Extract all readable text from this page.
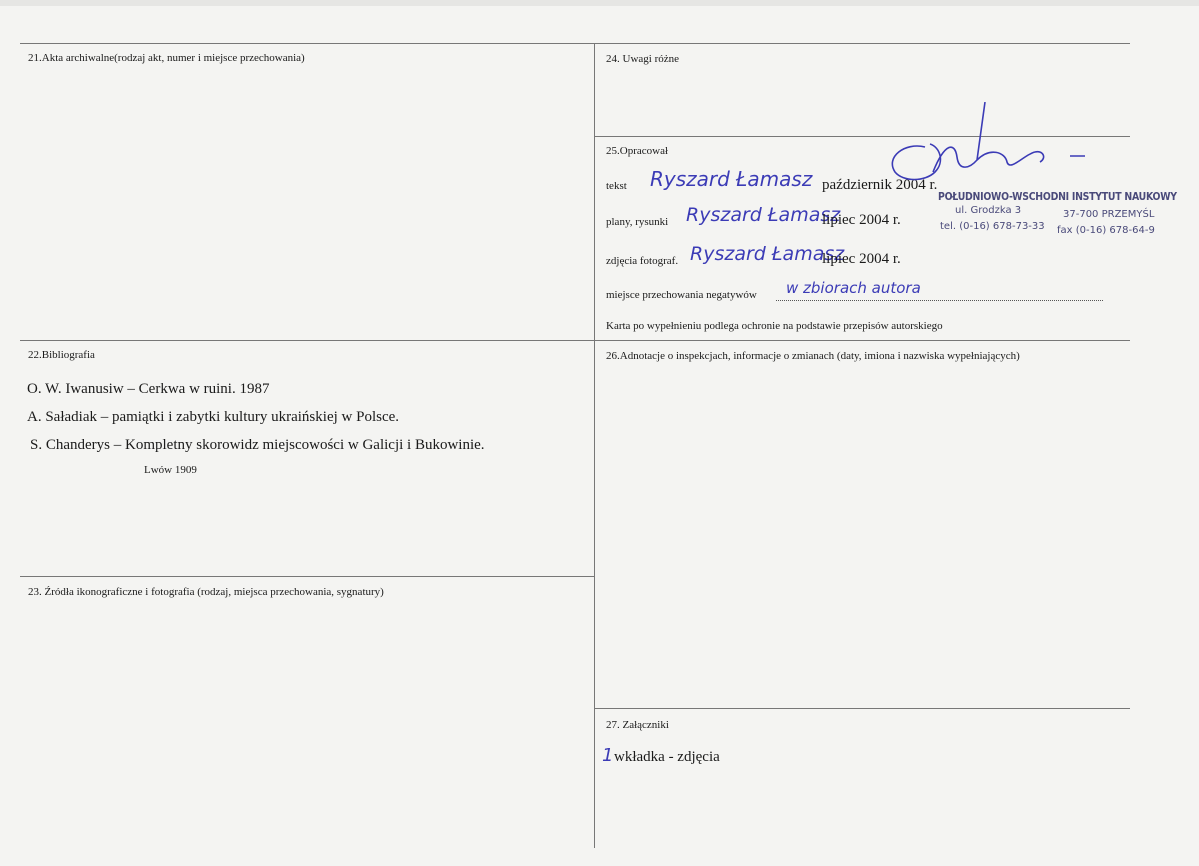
21.Akta archiwalne(rodzaj akt, numer i miejsce przechowania)	24. Uwagi różne
25.Opracował
tekst Ryszard Łamasz październik 2004 r.
plany, rysunki Ryszard Łamasz
lipiec 2004 r.
zdjęcia fotograf. Ryszard Łamasz
lipiec 2004 r.
miejsce przechowania negatywów w zbiorach autora
Karta po wypełnieniu podlega ochronie na podstawie przepisów autorskiego
POŁUDNIOWO-WSCHODNI INSTYTUT NAUKOWY
ul. Grodzka 3	37-700 PRZEMYŚL
tel. (0-16) 678-73-33 fax (0-16) 678-64-9
22.Bibliografia
O. W. Iwanusiw – Cerkwa w ruini. 1987
A. Saładiak – pamiątki i zabytki kultury ukraińskiej w Polsce.
S. Chanderys – Kompletny skorowidz miejscowości w Galicji i Bukowinie.
Lwów 1909
23. Źródła ikonograficzne i fotografia (rodzaj, miejsca przechowania, sygnatury)
26.Adnotacje o inspekcjach, informacje o zmianach (daty, imiona i nazwiska wypełniających)
27. Załączniki
1 wkładka - zdjęcia
